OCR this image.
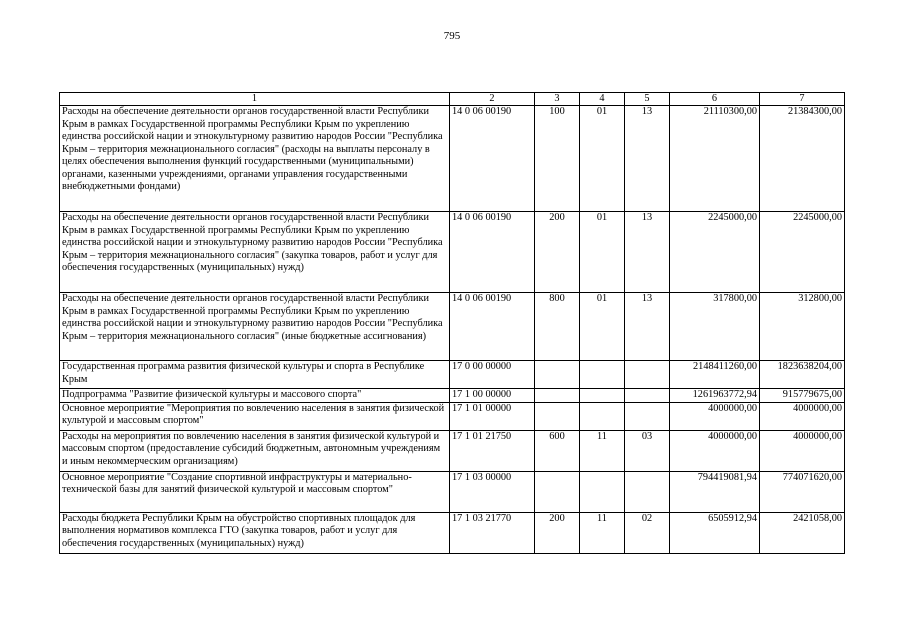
795
1	2	3	4	5	6	7
Расходы на обеспечение деятельности органов государственной власти Республики Крым в рамках Государственной программы Республики Крым по укреплению единства российской нации и этнокультурному развитию народов России "Республика Крым – территория межнационального согласия" (расходы на выплаты персоналу в целях обеспечения выполнения функций государственными (муниципальными) органами, казенными учреждениями, органами управления государственными внебюджетными фондами)	14 0 06 00190	100	01	13	21110300,00	21384300,00
Расходы на обеспечение деятельности органов государственной власти Республики Крым в рамках Государственной программы Республики Крым по укреплению единства российской нации и этнокультурному развитию народов России "Республика Крым – территория межнационального согласия" (закупка товаров, работ и услуг для обеспечения государственных (муниципальных) нужд)	14 0 06 00190	200	01	13	2245000,00	2245000,00
Расходы на обеспечение деятельности органов государственной власти Республики Крым в рамках Государственной программы Республики Крым по укреплению единства российской нации и этнокультурному развитию народов России "Республика Крым – территория межнационального согласия" (иные бюджетные ассигнования)	14 0 06 00190	800	01	13	317800,00	312800,00
Государственная программа развития физической культуры и спорта в Республике Крым	17 0 00 00000				2148411260,00	1823638204,00
Подпрограмма "Развитие физической культуры и массового спорта"	17 1 00 00000				1261963772,94	915779675,00
Основное мероприятие "Мероприятия по вовлечению населения в занятия физической культурой и массовым спортом"	17 1 01 00000				4000000,00	4000000,00
Расходы на мероприятия по вовлечению населения в занятия физической культурой и массовым спортом (предоставление субсидий бюджетным, автономным учреждениям и иным некоммерческим организациям)	17 1 01 21750	600	11	03	4000000,00	4000000,00
Основное мероприятие "Создание спортивной инфраструктуры и материально-технической базы для занятий физической культурой и массовым спортом"	17 1 03 00000				794419081,94	774071620,00
Расходы бюджета Республики Крым на обустройство спортивных площадок для выполнения нормативов комплекса ГТО (закупка товаров, работ и услуг для обеспечения государственных (муниципальных) нужд)	17 1 03 21770	200	11	02	6505912,94	2421058,00
